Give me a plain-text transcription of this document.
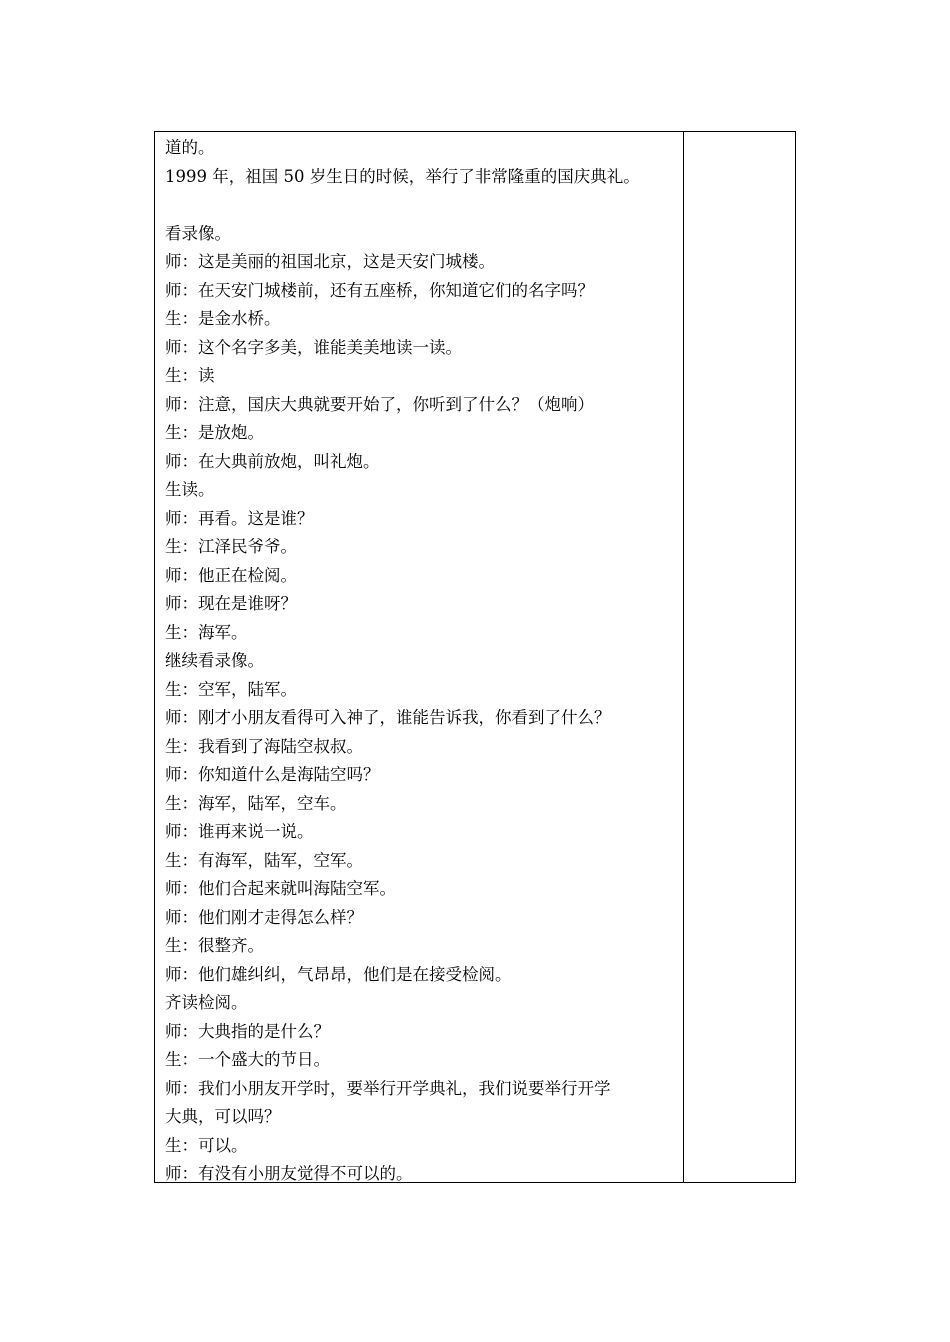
道的。
1999 年，祖国 50 岁生日的时候，举行了非常隆重的国庆典礼。
看录像。
师：这是美丽的祖国北京，这是天安门城楼。
师：在天安门城楼前，还有五座桥，你知道它们的名字吗？
生：是金水桥。
师：这个名字多美，谁能美美地读一读。
生：读
师：注意，国庆大典就要开始了，你听到了什么？（炮响）
生：是放炮。
师：在大典前放炮，叫礼炮。
生读。
师：再看。这是谁？
生：江泽民爷爷。
师：他正在检阅。
师：现在是谁呀？
生：海军。
继续看录像。
生：空军，陆军。
师：刚才小朋友看得可入神了，谁能告诉我，你看到了什么？
生：我看到了海陆空叔叔。
师：你知道什么是海陆空吗？
生：海军，陆军，空车。
师：谁再来说一说。
生：有海军，陆军，空军。
师：他们合起来就叫海陆空军。
师：他们刚才走得怎么样？
生：很整齐。
师：他们雄纠纠，气昂昂，他们是在接受检阅。
齐读检阅。
师：大典指的是什么？
生：一个盛大的节日。
师：我们小朋友开学时，要举行开学典礼，我们说要举行开学
大典，可以吗？
生：可以。
师：有没有小朋友觉得不可以的。
